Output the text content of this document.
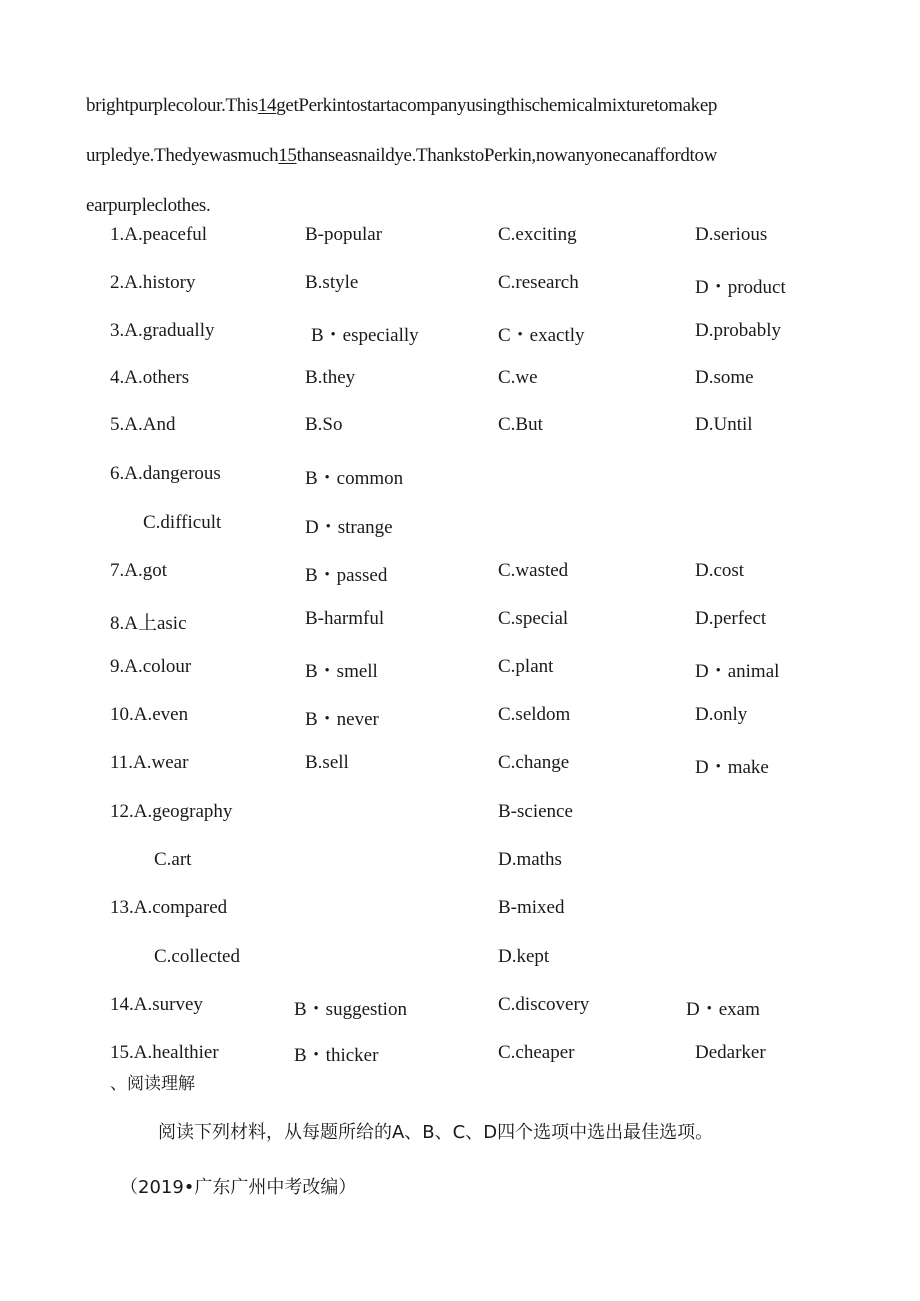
brightpurplecolour.This14getPerkintostartacompanyusingthischemicalmixturetomakep
urpledye.Thedyewasmuch15thanseasnaildye.ThankstoPerkin,nowanyonecanaffordtow
earpurpleclothes.
1.A.peaceful	B-popular	C.exciting	D.serious
2.A.history	B.style	C.research	D・product
3.A.gradually	B・especially	C・exactly	D.probably
4.A.others	B.they	C.we	D.some
5.A.And	B.So	C.But	D.Until
6.A.dangerous	B・common
C.difficult	D・strange
7.A.got	B・passed	C.wasted	D.cost
8.A上asic	B-harmful	C.special	D.perfect
9.A.colour	B・smell	C.plant	D・animal
10.A.even	B・never	C.seldom	D.only
11.A.wear	B.sell	C.change	D・make
12.A.geography	B-science
C.art	D.maths
13.A.compared	B-mixed
C.collected	D.kept
14.A.survey	B・suggestion	C.discovery	D・exam
15.A.healthier	B・thicker	C.cheaper	Dedarker
、阅读理解
阅读下列材料，从每题所给的A、B、C、D四个选项中选出最佳选项。
（2019•广东广州中考改编）
